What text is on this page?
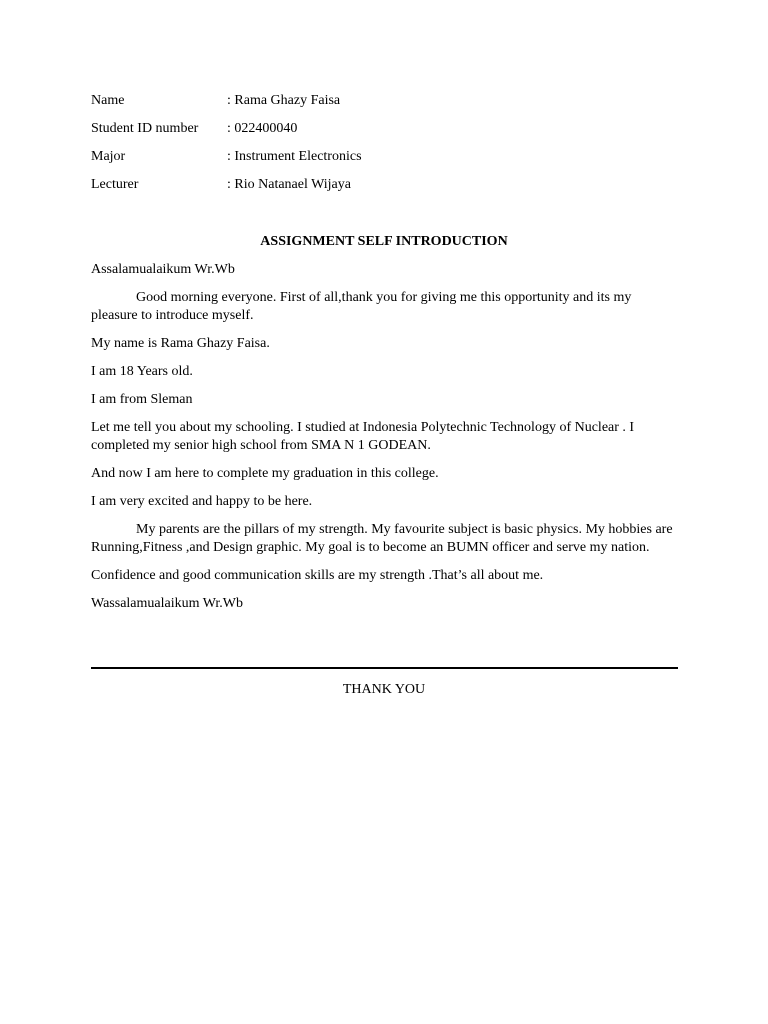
Name	: Rama Ghazy Faisa
Student ID number	: 022400040
Major	: Instrument Electronics
Lecturer	: Rio Natanael Wijaya
ASSIGNMENT SELF INTRODUCTION

Assalamualaikum Wr.Wb

Good morning everyone. First of all,thank you for giving me this opportunity and its my pleasure to introduce myself.

My name is Rama Ghazy Faisa.

I am 18 Years old.

I am from Sleman

Let me tell you about my schooling. I studied at Indonesia Polytechnic Technology of Nuclear . I completed my senior high school from SMA N 1 GODEAN.

And now I am here to complete my graduation in this college.

I am very excited and happy to be here.

My parents are the pillars of my strength. My favourite subject is basic physics. My hobbies are Running,Fitness ,and Design graphic. My goal is to become an BUMN officer and serve my nation.

Confidence and good communication skills are my strength .That’s all about me.

Wassalamualaikum Wr.Wb

THANK YOU
